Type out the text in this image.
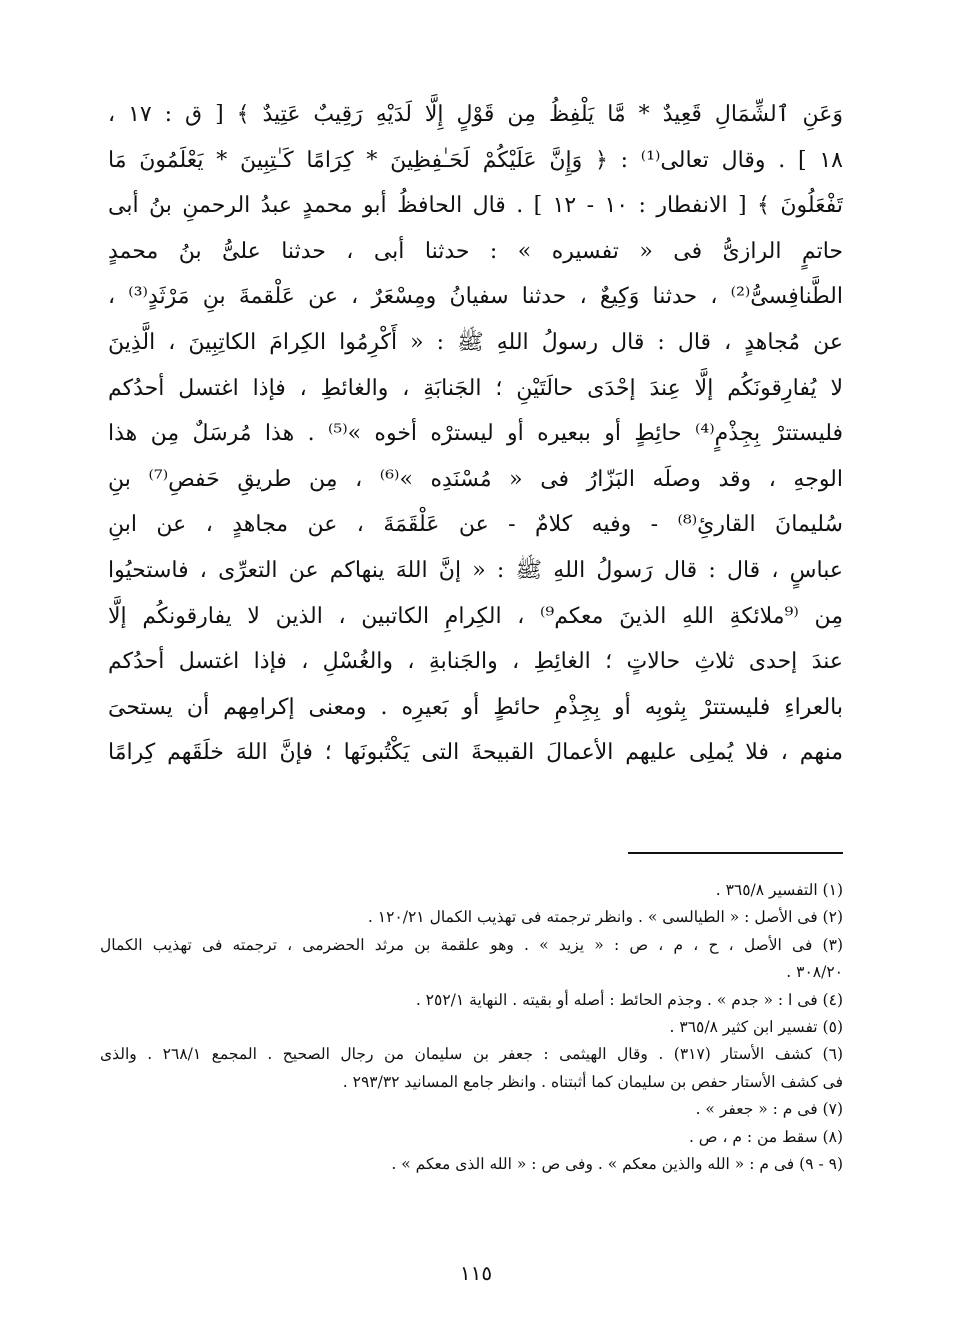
وَعَنِ ٱلشِّمَالِ قَعِيدٌ * مَّا يَلْفِظُ مِن قَوْلٍ إِلَّا لَدَيْهِ رَقِيبٌ عَتِيدٌ ﴾ [ ق : ١٧ ،
١٨ ] . وقال تعالى⁽¹⁾ : ﴿ وَإِنَّ عَلَيْكُمْ لَحَـٰفِظِينَ * كِرَامًا كَـٰتِبِينَ * يَعْلَمُونَ مَا
تَفْعَلُونَ ﴾ [ الانفطار : ١٠ - ١٢ ] . قال الحافظُ أبو محمدٍ عبدُ الرحمنِ بنُ أبى
حاتمٍ الرازىُّ فى « تفسيره » : حدثنا أبى ، حدثنا علىُّ بنُ محمدٍ
الطَّنافِسىُّ⁽²⁾ ، حدثنا وَكِيعٌ ، حدثنا سفيانُ ومِسْعَرٌ ، عن عَلْقمةَ بنِ مَرْثَدٍ⁽³⁾ ،
عن مُجاهدٍ ، قال : قال رسولُ اللهِ ﷺ : « أَكْرِمُوا الكِرامَ الكاتِبِينَ ، الَّذِينَ
لا يُفارِقونَكُم إلَّا عِندَ إحْدَى حالَتَيْنِ ؛ الجَنابَةِ ، والغائطِ ، فإذا اغتسل أحدُكم
فليستترْ بِجِذْمٍ⁽⁴⁾ حائِطٍ أو ببعيره أو ليسترْه أخوه »⁽⁵⁾ . هذا مُرسَلٌ مِن هذا
الوجهِ ، وقد وصلَه البَزّارُ فى « مُسْنَدِه »⁽⁶⁾ ، مِن طريقِ حَفصِ⁽⁷⁾ بنِ
سُليمانَ القارئِ⁽⁸⁾ - وفيه كلامٌ - عن عَلْقَمَةَ ، عن مجاهدٍ ، عن ابنِ
عباسٍ ، قال : قال رَسولُ اللهِ ﷺ : « إنَّ اللهَ ينهاكم عن التعرِّى ، فاستحيُوا
مِن ⁽⁹ملائكةِ اللهِ الذينَ معكم⁹⁾ ، الكِرامِ الكاتبين ، الذين لا يفارقونكُم إلَّا
عندَ إحدى ثلاثِ حالاتٍ ؛ الغائِطِ ، والجَنابةِ ، والغُسْلِ ، فإذا اغتسل أحدُكم
بالعراءِ فليستترْ بِثوبِه أو بِجِذْمِ حائطٍ أو بَعيرِه . ومعنى إكرامِهم أن يستحىَ
منهم ، فلا يُملِى عليهم الأعمالَ القبيحةَ التى يَكْتُبونَها ؛ فإنَّ اللهَ خلَقَهم كِرامًا
(١) التفسير ٣٦٥/٨ .
(٢) فى الأصل : « الطيالسى » . وانظر ترجمته فى تهذيب الكمال ١٢٠/٢١ .
(٣) فى الأصل ، ح ، م ، ص : « يزيد » . وهو علقمة بن مرثد الحضرمى ، ترجمته فى تهذيب الكمال
٣٠٨/٢٠ .
(٤) فى ا : « جدم » . وجذم الحائط : أصله أو بقيته . النهاية ٢٥٢/١ .
(٥) تفسير ابن كثير ٣٦٥/٨ .
(٦) كشف الأستار (٣١٧) . وقال الهيثمى : جعفر بن سليمان من رجال الصحيح . المجمع ٢٦٨/١ . والذى
فى كشف الأستار حفص بن سليمان كما أثبتناه . وانظر جامع المسانيد ٢٩٣/٣٢ .
(٧) فى م : « جعفر » .
(٨) سقط من : م ، ص .
(٩ - ٩) فى م : « الله والذين معكم » . وفى ص : « الله الذى معكم » .
١١٥
